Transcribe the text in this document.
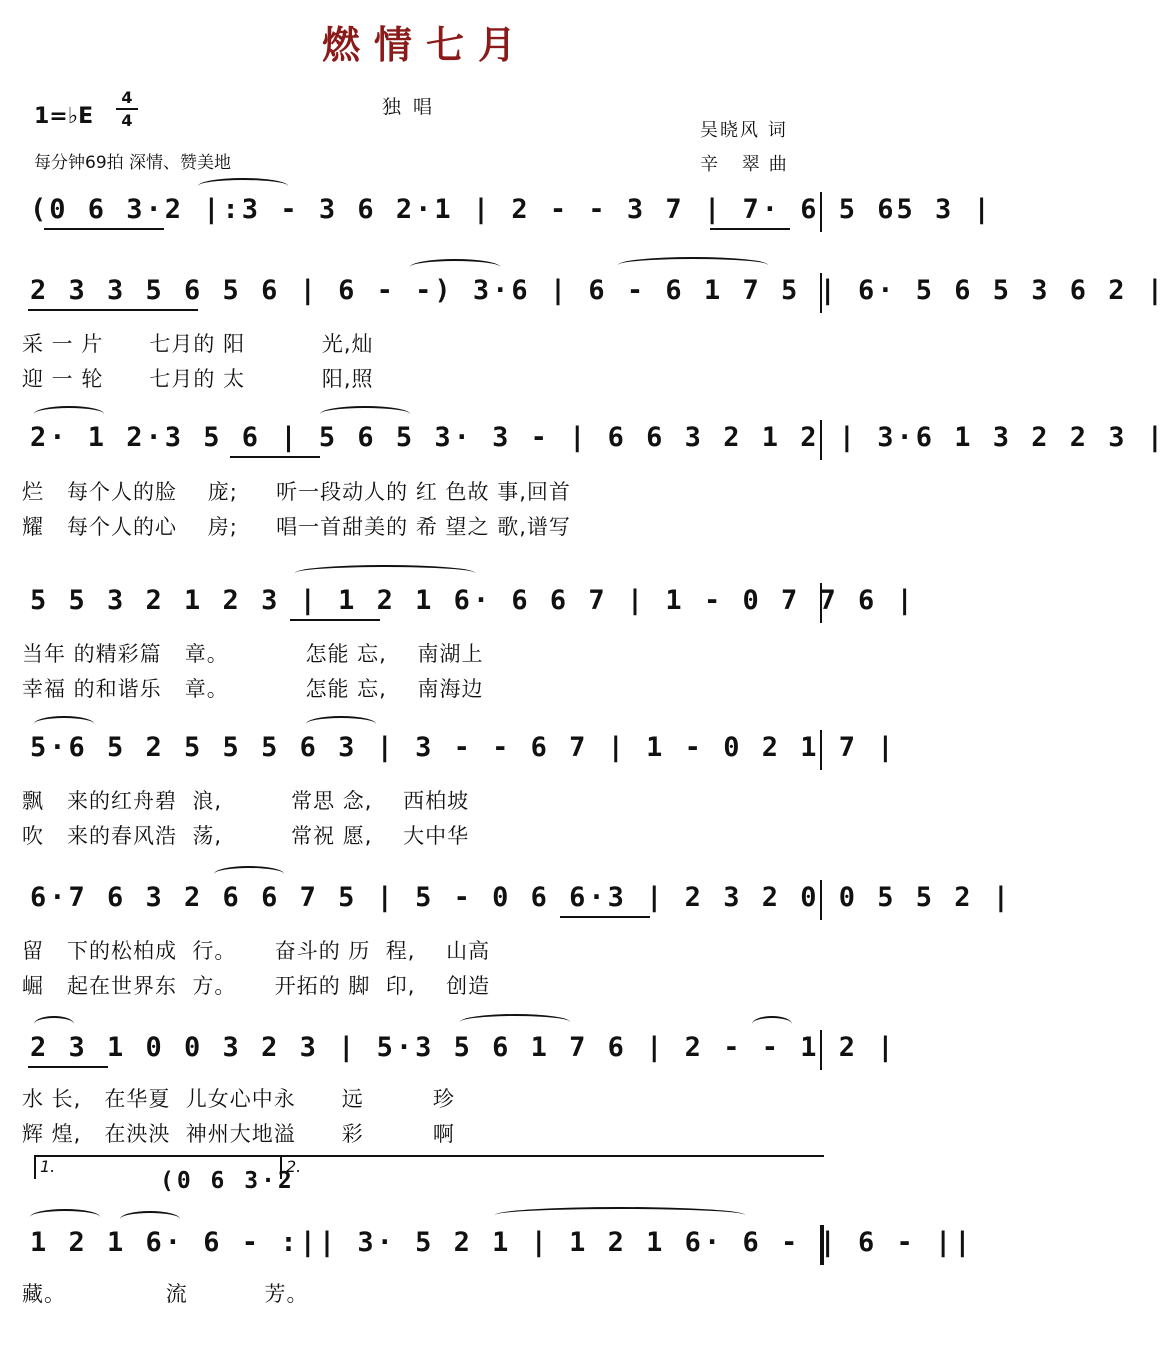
燃情七月
1=♭E
4
4
独唱
吴晓风 词
辛 翠曲
每分钟69拍 深情、赞美地
(0 6 3·2 |:3 - 3 6 2·1 | 2 - - 3 7 | 7· 6 5 65 3 |
2 3 3 5 6 5 6 | 6 - -) 3·6 | 6 - 6 1 7 5 | 6· 5 6 5 3 6 2 |
采 一 片      七月的 阳          光,灿
迎 一 轮      七月的 太          阳,照
2· 1 2·3 5 6 | 5 6 5 3· 3 - | 6 6 3 2 1 2 | 3·6 1 3 2 2 3 |
烂   每个人的脸    庞;     听一段动人的 红 色故 事,回首
耀   每个人的心    房;     唱一首甜美的 希 望之 歌,谱写
5 5 3 2 1 2 3 | 1 2 1 6· 6 6 7 | 1 - 0 7 7 6 |
当年 的精彩篇   章。          怎能 忘,    南湖上
幸福 的和谐乐   章。          怎能 忘,    南海边
5·6 5 2 5 5 5 6 3 | 3 - - 6 7 | 1 - 0 2 1 7 |
飘   来的红舟碧  浪,         常思 念,    西柏坡
吹   来的春风浩  荡,         常祝 愿,    大中华
6·7 6 3 2 6 6 7 5 | 5 - 0 6 6·3 | 2 3 2 0 0 5 5 2 |
留   下的松柏成  行。     奋斗的 历  程,    山高
崛   起在世界东  方。     开拓的 脚  印,    创造
2 3 1 0 0 3 2 3 | 5·3 5 6 1 7 6 | 2 - - 1 2 |
水 长,   在华夏  儿女心中永      远         珍
辉 煌,   在泱泱  神州大地溢      彩         啊
1.	2.
(0 6 3·2
1 2 1 6· 6 - :|| 3· 5 2 1 | 1 2 1 6· 6 - | 6 - ||
藏。             流          芳。
